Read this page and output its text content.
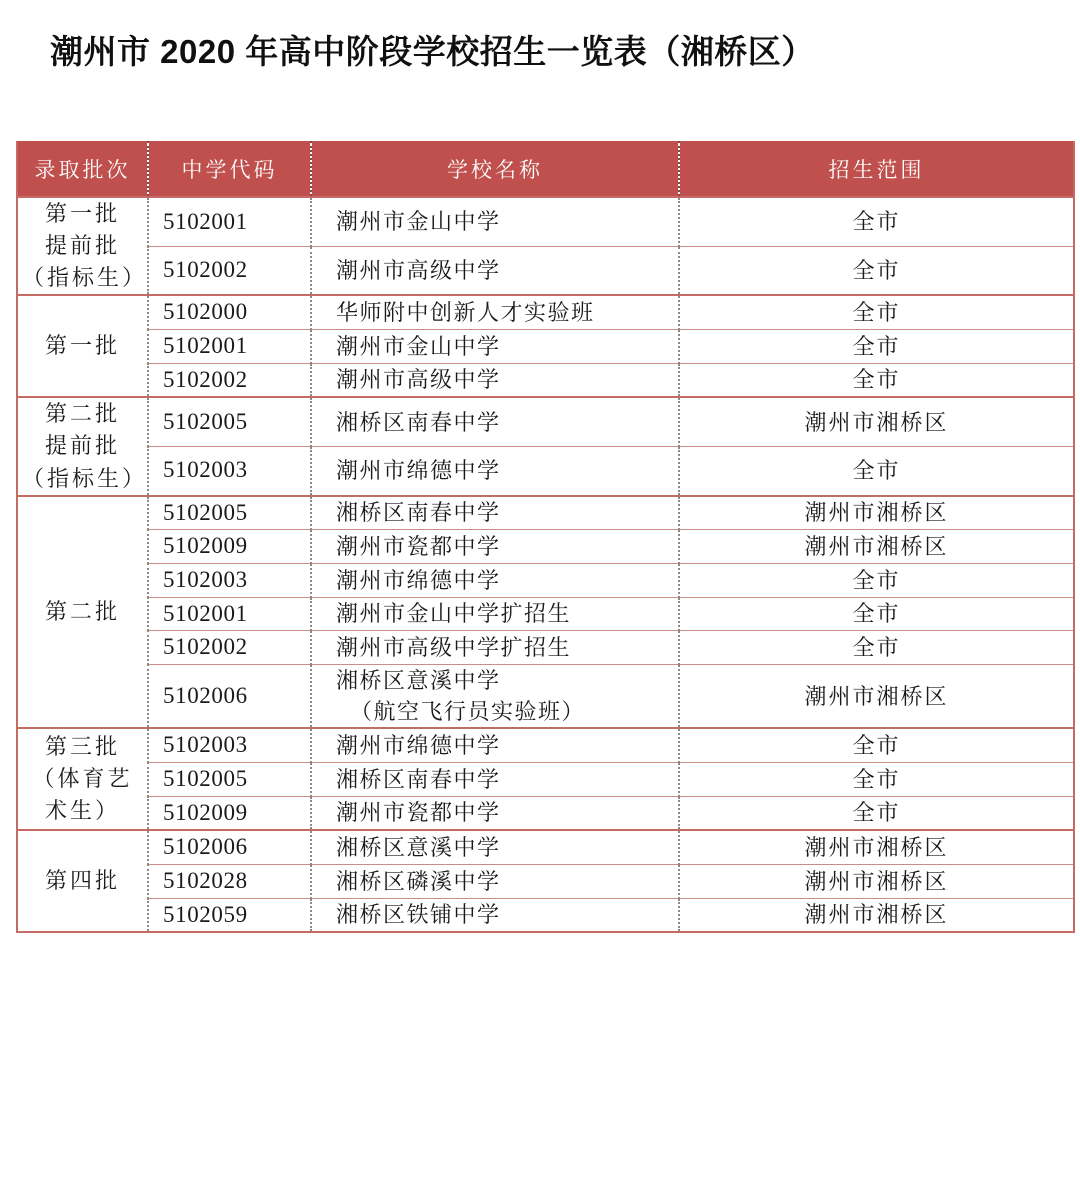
潮州市 2020 年高中阶段学校招生一览表（湘桥区）
录取批次	中学代码	学校名称	招生范围

第一批
提前批
（指标生）	5102001	潮州市金山中学	全市
	5102002	潮州市高级中学	全市

第一批	5102000	华师附中创新人才实验班	全市
	5102001	潮州市金山中学	全市
	5102002	潮州市高级中学	全市

第二批
提前批
（指标生）	5102005	湘桥区南春中学	潮州市湘桥区
	5102003	潮州市绵德中学	全市

第二批	5102005	湘桥区南春中学	潮州市湘桥区
	5102009	潮州市瓷都中学	潮州市湘桥区
	5102003	潮州市绵德中学	全市
	5102001	潮州市金山中学扩招生	全市
	5102002	潮州市高级中学扩招生	全市
	5102006	湘桥区意溪中学
（航空飞行员实验班）	潮州市湘桥区

第三批
（体育艺
术生）	5102003	潮州市绵德中学	全市
	5102005	湘桥区南春中学	全市
	5102009	潮州市瓷都中学	全市

第四批	5102006	湘桥区意溪中学	潮州市湘桥区
	5102028	湘桥区磷溪中学	潮州市湘桥区
	5102059	湘桥区铁铺中学	潮州市湘桥区
